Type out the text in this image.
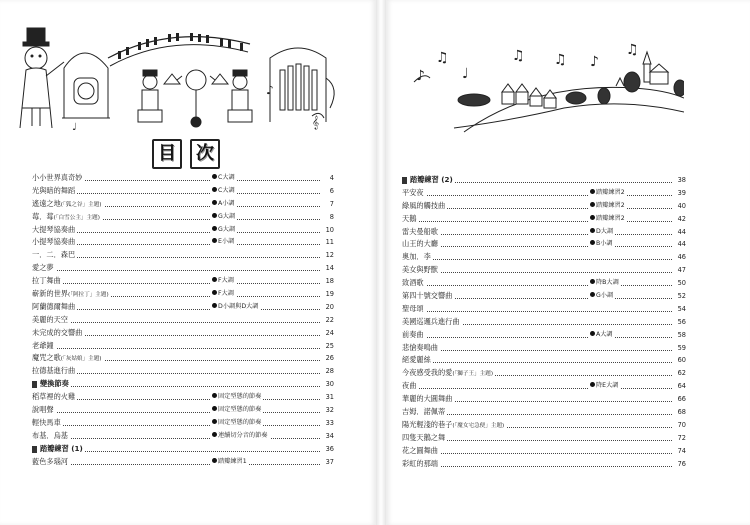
♪
𝄞
♩
目	次
小小世界真奇妙	C大調	4
光與暗的舞蹈	C大調	6
遙遠之地(「狐之谷」主題)	A小調	7
莓．莓(「白雪公主」主題)	G大調	8
大提琴協奏曲	G大調	10
小提琴協奏曲	E小調	11
一．二．森巴	12
愛之夢	14
拉丁舞曲	F大調	18
嶄新的世界(「阿拉丁」主題)	F大調	19
阿蘭德爾舞曲	D小調與D大調	20
美麗的天空	22
未完成的交響曲	24
老爺鐘	25
魔咒之歌(「灰姑娘」主題)	26
拉德基進行曲	28
變換節奏	30
稻草裡的火雞	固定型態的節奏	31
說唱聲	固定型態的節奏	32
輕快馬車	固定型態的節奏	33
布基．烏基	連續切分音的節奏	34
踏瓣練習 (1)	36
藍色多瑙河	踏瓣練習1	37
♪
♫
♩
♫ ♫ ♪
♫
踏瓣練習 (2)	38
平安夜	踏瓣練習2	39
綠風的觸技曲	踏瓣練習2	40
天鵝	踏瓣練習2	42
雷夫曼船歌	D大調	44
山王的大廳	B小調	44
奧加．李	46
美女與野獸	47
致酒歌	降B大調	50
第四十號交響曲	G小調	52
聖母頌	54
美國巡邏兵進行曲	56
前奏曲	A大調	58
悲愴奏鳴曲	59
絕愛麗絲	60
今夜感受我的愛(「獅子王」主題)	62
夜曲	降E大調	64
華麗的大圓舞曲	66
吉姆．諾佩蒂	68
陽光輕淺的巷子(「魔女宅急便」主題)	70
四隻天鵝之舞	72
花之圓舞曲	74
彩虹的那端	76
